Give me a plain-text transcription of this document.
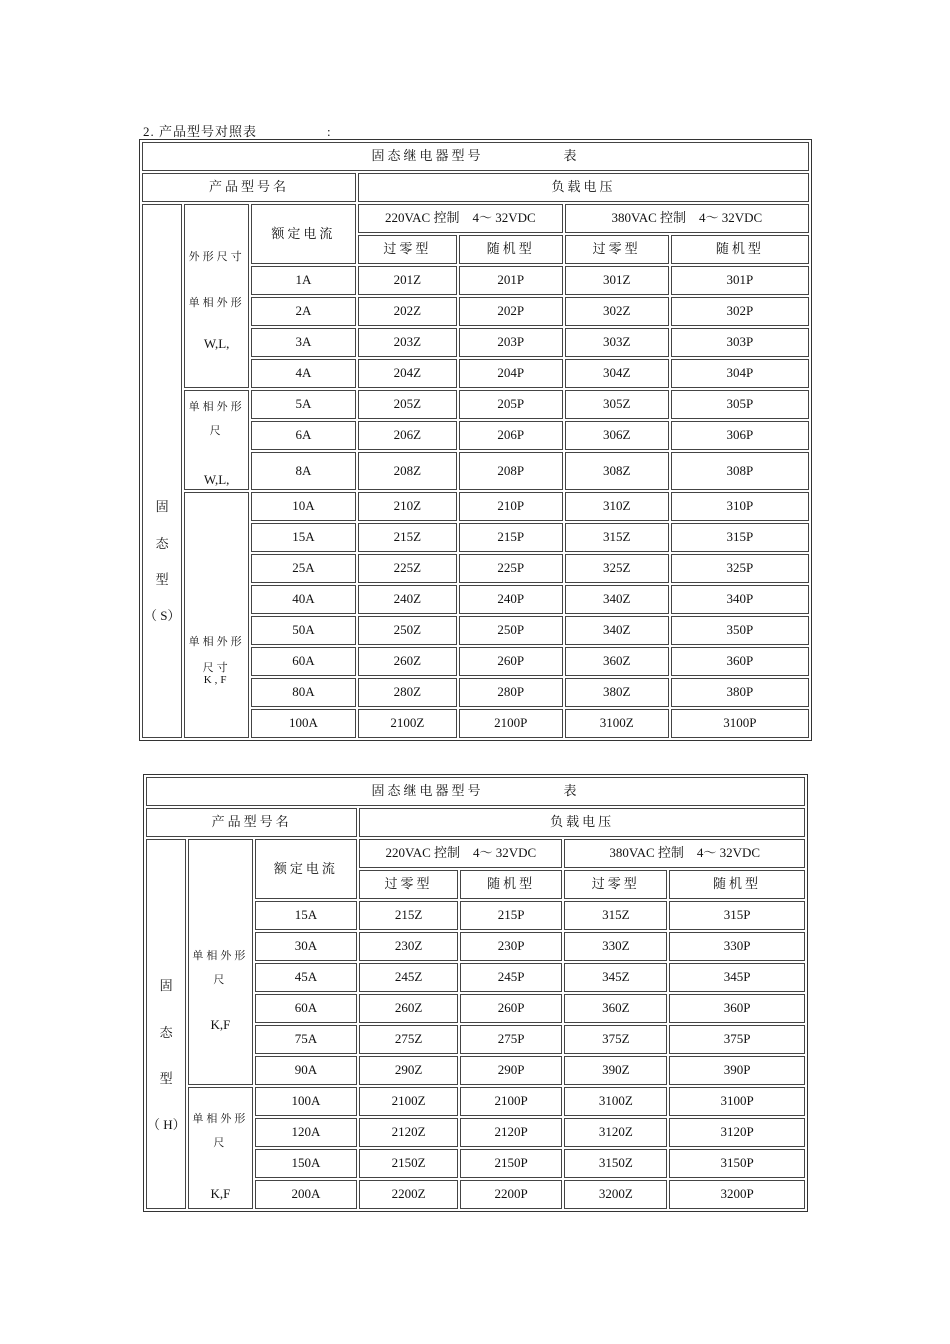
2. 产品型号对照表　　　　　:
固态继电器型号　　　　　表						
产品型号名			负载电压			

固
态
型
（ S）	外形尺寸
单相外形
W,L,	额定电流	220VAC 控制　4～ 32VDC		380VAC 控制　4～ 32VDC	
			过零型	随机型	过零型	随机型
		1A	201Z	201P	301Z	301P
		2A	202Z	202P	302Z	302P
		3A	203Z	203P	303Z	303P
		4A	204Z	204P	304Z	304P

	单相外形
尺
W,L,	5A	205Z	205P	305Z	305P
		6A	206Z	206P	306Z	306P
		8A	208Z	208P	308Z	308P

	单相外形
尺寸　K,F	10A	210Z	210P	310Z	310P
		15A	215Z	215P	315Z	315P
		25A	225Z	225P	325Z	325P
		40A	240Z	240P	340Z	340P
		50A	250Z	250P	340Z	350P
		60A	260Z	260P	360Z	360P
		80A	280Z	280P	380Z	380P
		100A	2100Z	2100P	3100Z	3100P
固态继电器型号　　　　　表						
产品型号名			负载电压			

固
态
型
（ H）	单相外形
尺
K,F	额定电流	220VAC 控制　4～ 32VDC		380VAC 控制　4～ 32VDC	
			过零型	随机型	过零型	随机型
		15A	215Z	215P	315Z	315P
		30A	230Z	230P	330Z	330P
		45A	245Z	245P	345Z	345P
		60A	260Z	260P	360Z	360P
		75A	275Z	275P	375Z	375P
		90A	290Z	290P	390Z	390P

	单相外形
尺
K,F	100A	2100Z	2100P	3100Z	3100P
		120A	2120Z	2120P	3120Z	3120P
		150A	2150Z	2150P	3150Z	3150P
		200A	2200Z	2200P	3200Z	3200P
